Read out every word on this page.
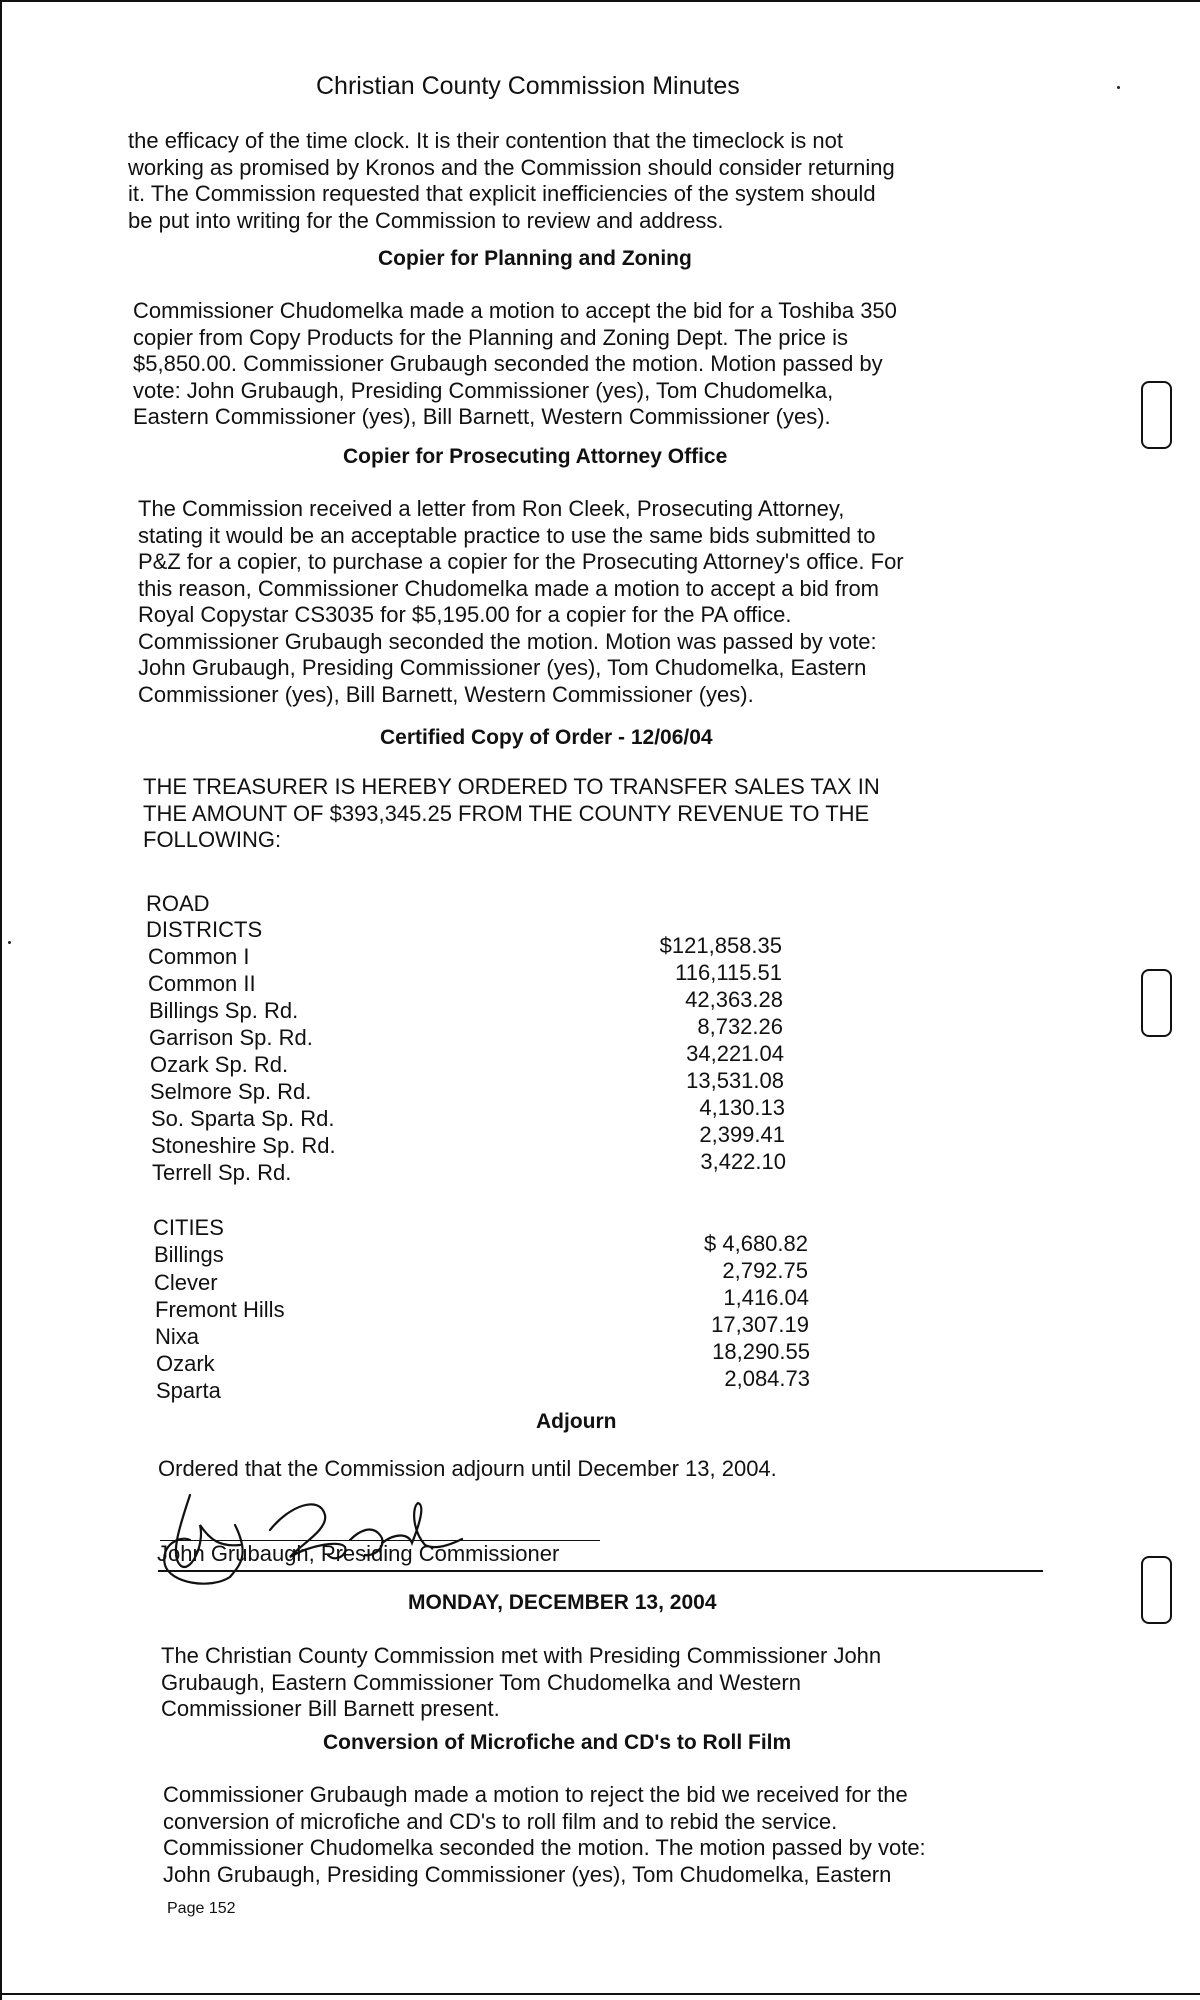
Christian County Commission Minutes
the efficacy of the time clock. It is their contention that the timeclock is not
working as promised by Kronos and the Commission should consider returning
it. The Commission requested that explicit inefficiencies of the system should
be put into writing for the Commission to review and address.
Copier for Planning and Zoning
Commissioner Chudomelka made a motion to accept the bid for a Toshiba 350
copier from Copy Products for the Planning and Zoning Dept. The price is
$5,850.00. Commissioner Grubaugh seconded the motion. Motion passed by
vote: John Grubaugh, Presiding Commissioner (yes), Tom Chudomelka,
Eastern Commissioner (yes), Bill Barnett, Western Commissioner (yes).
Copier for Prosecuting Attorney Office
The Commission received a letter from Ron Cleek, Prosecuting Attorney,
stating it would be an acceptable practice to use the same bids submitted to
P&Z for a copier, to purchase a copier for the Prosecuting Attorney's office. For
this reason, Commissioner Chudomelka made a motion to accept a bid from
Royal Copystar CS3035 for $5,195.00 for a copier for the PA office.
Commissioner Grubaugh seconded the motion. Motion was passed by vote:
John Grubaugh, Presiding Commissioner (yes), Tom Chudomelka, Eastern
Commissioner (yes), Bill Barnett, Western Commissioner (yes).
Certified Copy of Order - 12/06/04
THE TREASURER IS HEREBY ORDERED TO TRANSFER SALES TAX IN
THE AMOUNT OF $393,345.25 FROM THE COUNTY REVENUE TO THE
FOLLOWING:
ROAD
DISTRICTS
Common I	$121,858.35
Common II	116,115.51
Billings Sp. Rd.	42,363.28
Garrison Sp. Rd.	8,732.26
Ozark Sp. Rd.	34,221.04
Selmore Sp. Rd.	13,531.08
So. Sparta Sp. Rd.	4,130.13
Stoneshire Sp. Rd.	2,399.41
Terrell Sp. Rd.	3,422.10
CITIES
Billings	$ 4,680.82
Clever	2,792.75
Fremont Hills	1,416.04
Nixa	17,307.19
Ozark	18,290.55
Sparta	2,084.73
Adjourn
Ordered that the Commission adjourn until December 13, 2004.
John Grubaugh, Presiding Commissioner
MONDAY, DECEMBER 13, 2004
The Christian County Commission met with Presiding Commissioner John
Grubaugh, Eastern Commissioner Tom Chudomelka and Western
Commissioner Bill Barnett present.
Conversion of Microfiche and CD's to Roll Film
Commissioner Grubaugh made a motion to reject the bid we received for the
conversion of microfiche and CD's to roll film and to rebid the service.
Commissioner Chudomelka seconded the motion. The motion passed by vote:
John Grubaugh, Presiding Commissioner (yes), Tom Chudomelka, Eastern
Page 152
